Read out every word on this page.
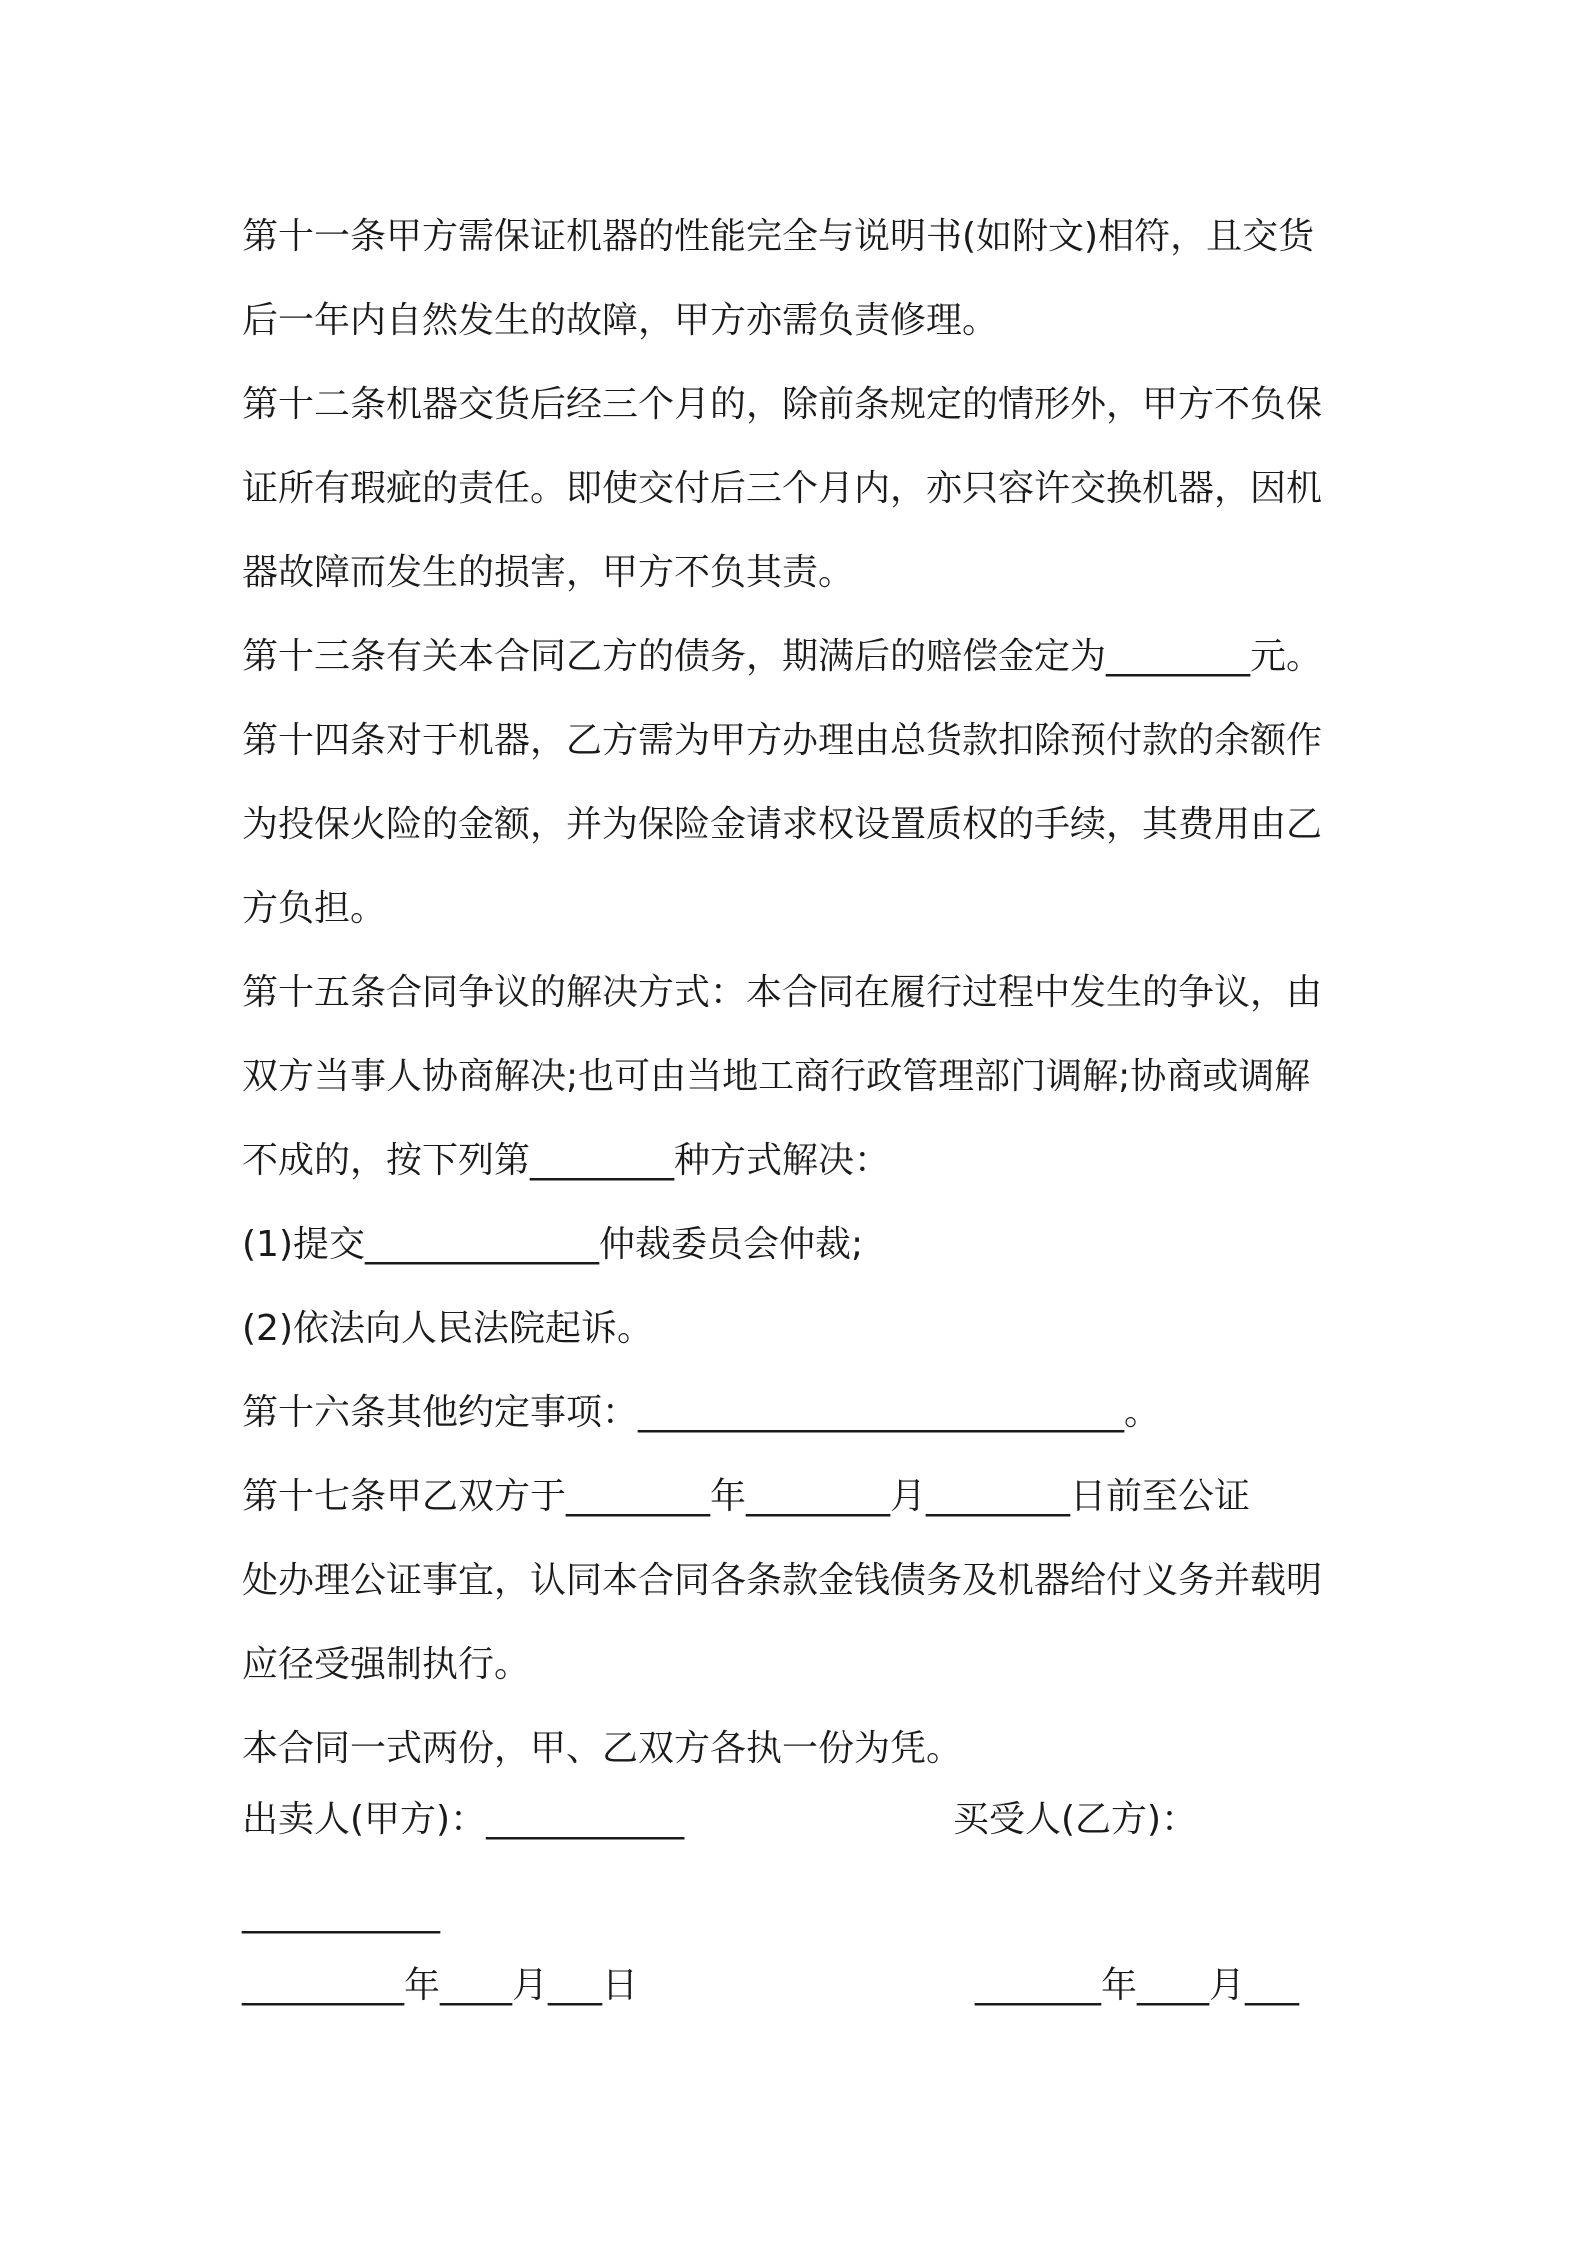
第十一条甲方需保证机器的性能完全与说明书(如附文)相符，且交货
后一年内自然发生的故障，甲方亦需负责修理。
第十二条机器交货后经三个月的，除前条规定的情形外，甲方不负保
证所有瑕疵的责任。即使交付后三个月内，亦只容许交换机器，因机
器故障而发生的损害，甲方不负其责。
第十三条有关本合同乙方的债务，期满后的赔偿金定为________元。
第十四条对于机器，乙方需为甲方办理由总货款扣除预付款的余额作
为投保火险的金额，并为保险金请求权设置质权的手续，其费用由乙
方负担。
第十五条合同争议的解决方式：本合同在履行过程中发生的争议，由
双方当事人协商解决;也可由当地工商行政管理部门调解;协商或调解
不成的，按下列第________种方式解决：
(1)提交_____________仲裁委员会仲裁;
(2)依法向人民法院起诉。
第十六条其他约定事项：___________________________。
第十七条甲乙双方于________年________月________日前至公证
处办理公证事宜，认同本合同各条款金钱债务及机器给付义务并载明
应径受强制执行。
本合同一式两份，甲、乙双方各执一份为凭。
出卖人(甲方)：___________	买受人(乙方)：
___________
_________年____月___日	_______年____月___
